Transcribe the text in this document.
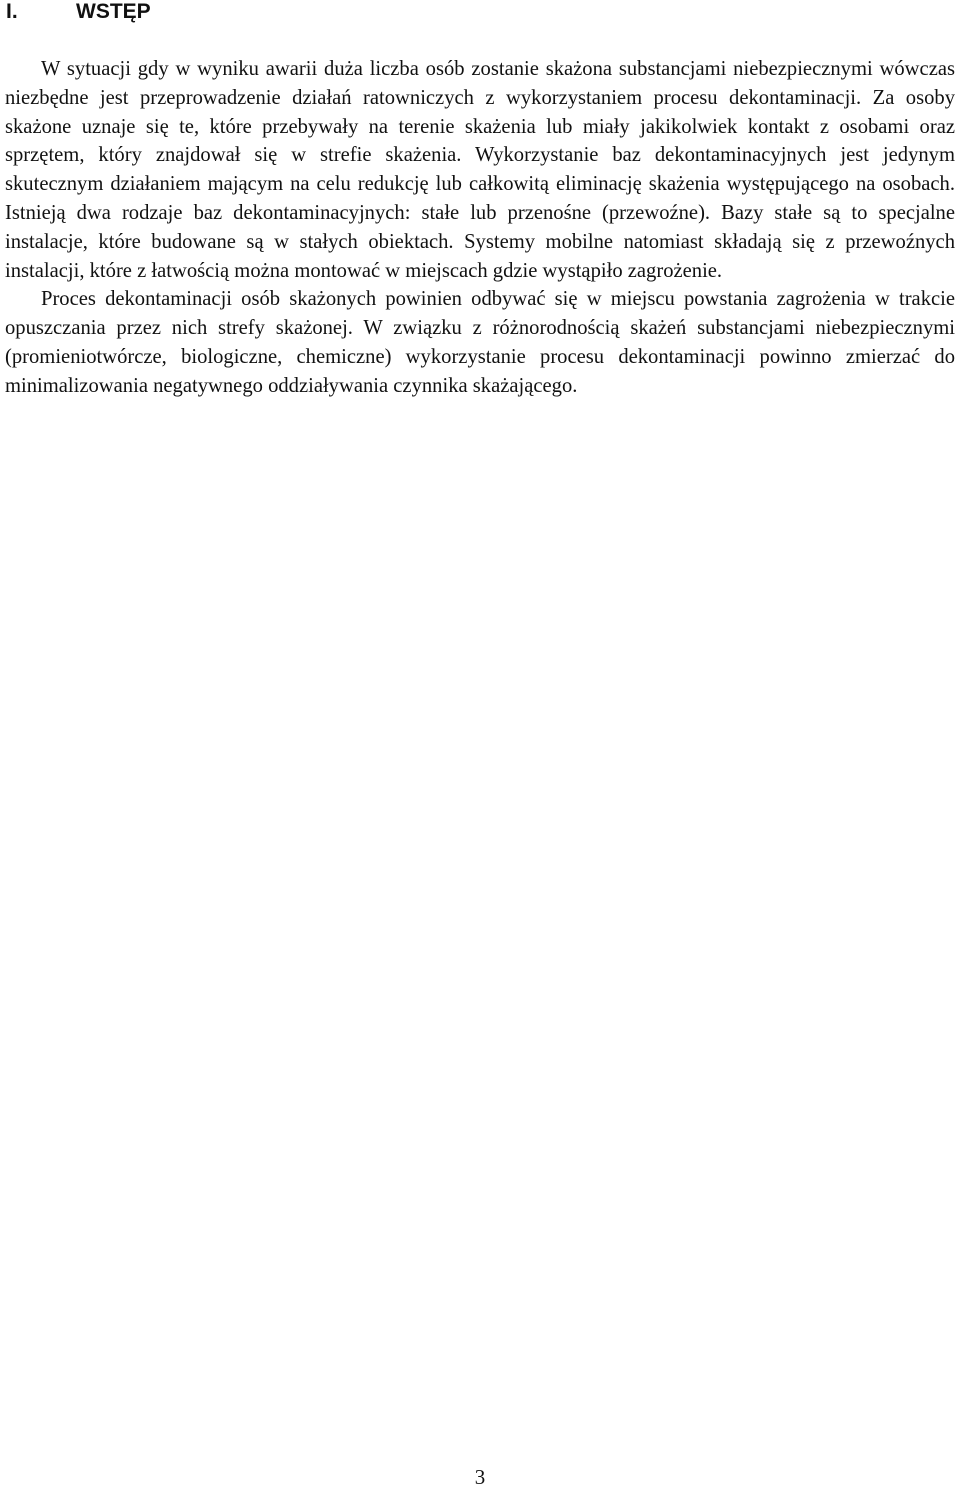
I.	WSTĘP

W sytuacji gdy w wyniku awarii duża liczba osób zostanie skażona substancjami niebezpiecznymi wówczas niezbędne jest przeprowadzenie działań ratowniczych z wykorzystaniem procesu dekontaminacji. Za osoby skażone uznaje się te, które przebywały na terenie skażenia lub miały jakikolwiek kontakt z osobami oraz sprzętem, który znajdował się w strefie skażenia. Wykorzystanie baz dekontaminacyjnych jest jedynym skutecznym działaniem mającym na celu redukcję lub całkowitą eliminację skażenia występującego na osobach. Istnieją dwa rodzaje baz dekontaminacyjnych: stałe lub przenośne (przewoźne). Bazy stałe są to specjalne instalacje, które budowane są w stałych obiektach. Systemy mobilne natomiast składają się z przewoźnych instalacji, które z łatwością można montować w miejscach gdzie wystąpiło zagrożenie.

Proces dekontaminacji osób skażonych powinien odbywać się w miejscu powstania zagrożenia w trakcie opuszczania przez nich strefy skażonej. W związku z różnorodnością skażeń substancjami niebezpiecznymi (promieniotwórcze, biologiczne, chemiczne) wykorzystanie procesu dekontaminacji powinno zmierzać do minimalizowania negatywnego oddziaływania czynnika skażającego.

3
